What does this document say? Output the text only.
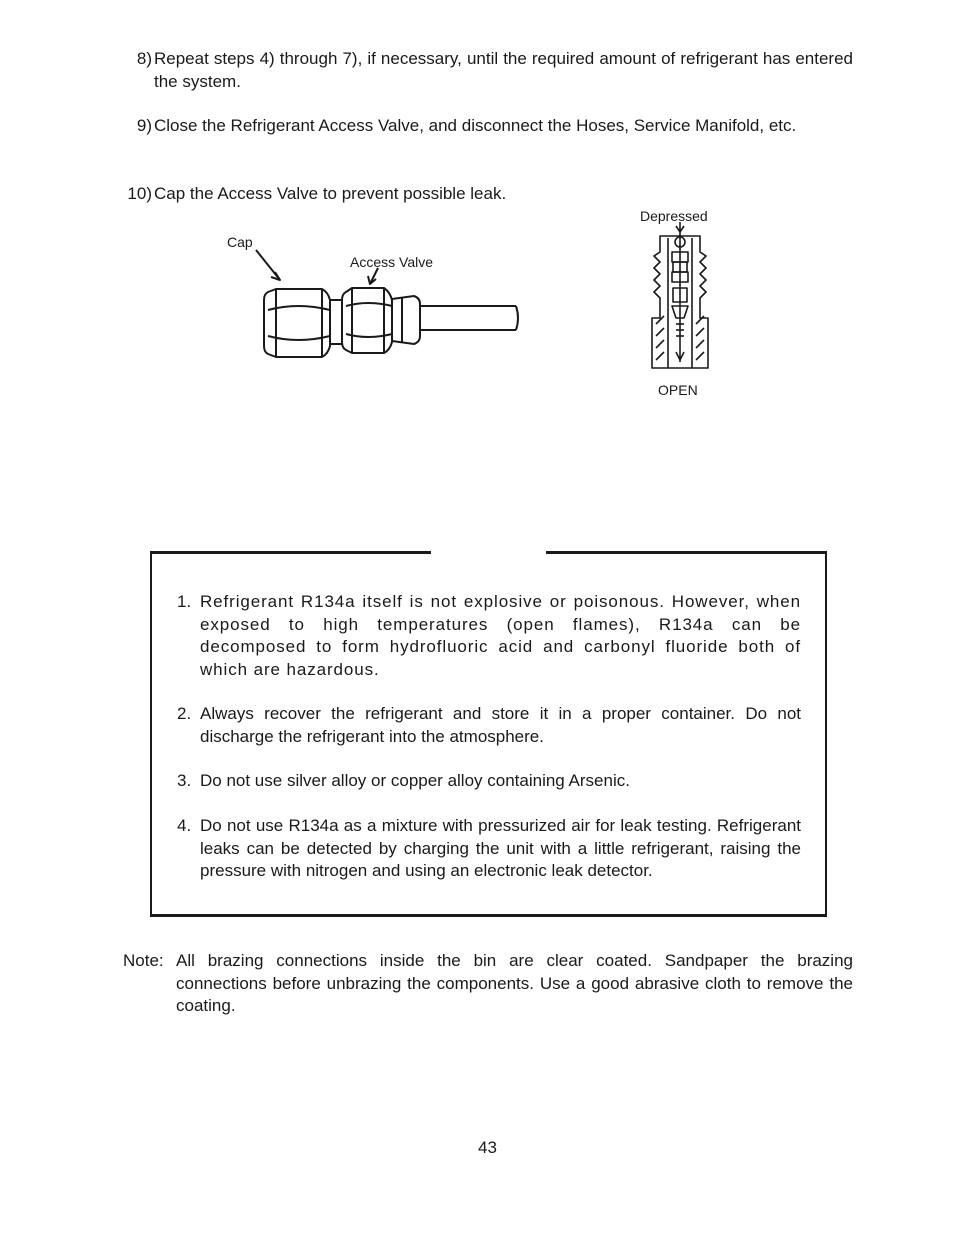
8) Repeat steps 4) through 7), if necessary, until the required amount of refrigerant has entered the system.
9) Close the Refrigerant Access Valve, and disconnect the Hoses, Service Manifold, etc.
10) Cap the Access Valve to prevent possible leak.
Cap
Access Valve
Depressed
OPEN
1. Refrigerant R134a itself is not explosive or poisonous. However, when exposed to high temperatures (open flames), R134a can be decomposed to form hydrofluoric acid and carbonyl fluoride both of which are hazardous.
2. Always recover the refrigerant and store it in a proper container. Do not discharge the refrigerant into the atmosphere.
3. Do not use silver alloy or copper alloy containing Arsenic.
4. Do not use R134a as a mixture with pressurized air for leak testing. Refrigerant leaks can be detected by charging the unit with a little refrigerant, raising the pressure with nitrogen and using an electronic leak detector.
Note: All brazing connections inside the bin are clear coated. Sandpaper the brazing connections before unbrazing the components. Use a good abrasive cloth to remove the coating.
43
